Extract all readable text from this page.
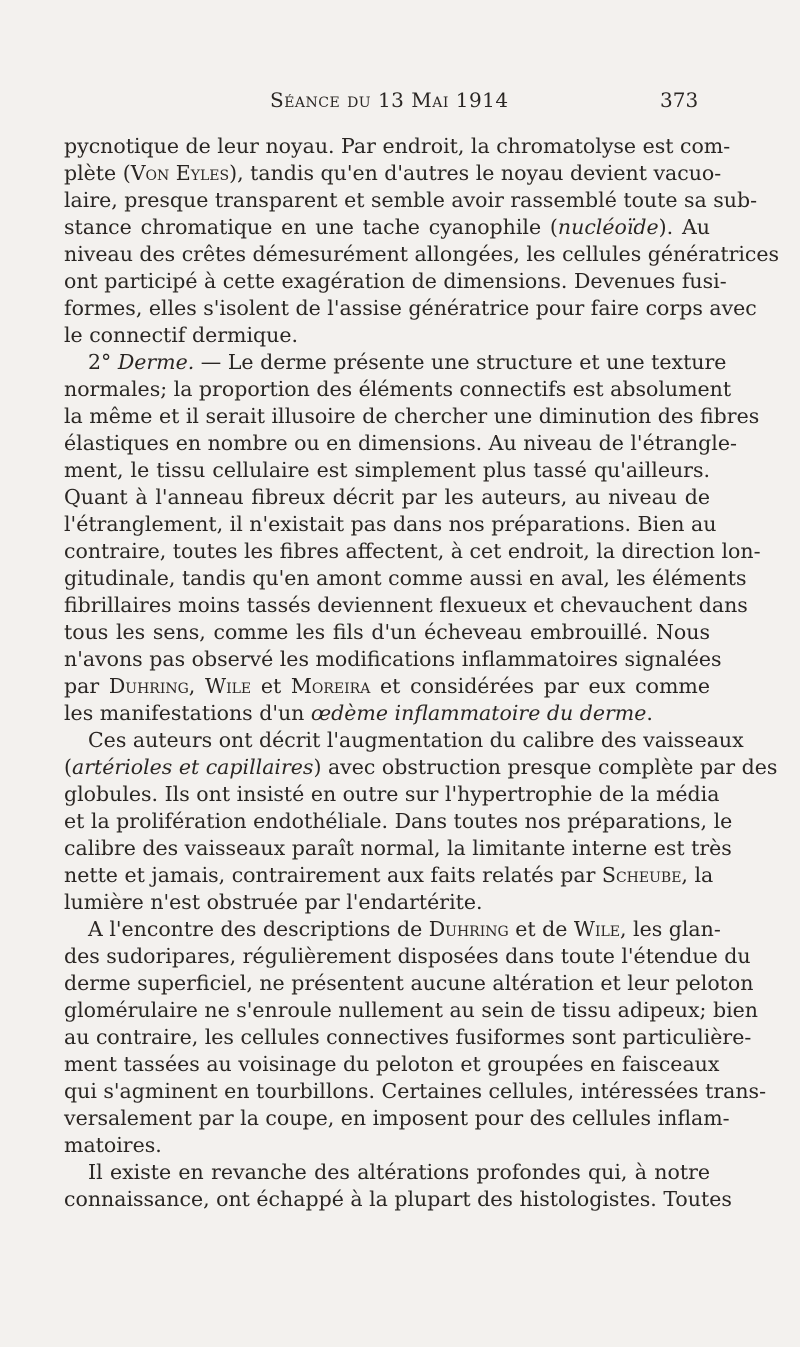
Séance du 13 Mai 1914	373
pycnotique de leur noyau. Par endroit, la chromatolyse est com-
plète (Von Eyles), tandis qu'en d'autres le noyau devient vacuo-
laire, presque transparent et semble avoir rassemblé toute sa sub-
stance chromatique en une tache cyanophile (nucléoïde). Au
niveau des crêtes démesurément allongées, les cellules génératrices
ont participé à cette exagération de dimensions. Devenues fusi-
formes, elles s'isolent de l'assise génératrice pour faire corps avec
le connectif dermique.
2° Derme. — Le derme présente une structure et une texture
normales; la proportion des éléments connectifs est absolument
la même et il serait illusoire de chercher une diminution des fibres
élastiques en nombre ou en dimensions. Au niveau de l'étrangle-
ment, le tissu cellulaire est simplement plus tassé qu'ailleurs.
Quant à l'anneau fibreux décrit par les auteurs, au niveau de
l'étranglement, il n'existait pas dans nos préparations. Bien au
contraire, toutes les fibres affectent, à cet endroit, la direction lon-
gitudinale, tandis qu'en amont comme aussi en aval, les éléments
fibrillaires moins tassés deviennent flexueux et chevauchent dans
tous les sens, comme les fils d'un écheveau embrouillé. Nous
n'avons pas observé les modifications inflammatoires signalées
par Duhring, Wile et Moreira et considérées par eux comme
les manifestations d'un œdème inflammatoire du derme.
Ces auteurs ont décrit l'augmentation du calibre des vaisseaux
(artérioles et capillaires) avec obstruction presque complète par des
globules. Ils ont insisté en outre sur l'hypertrophie de la média
et la prolifération endothéliale. Dans toutes nos préparations, le
calibre des vaisseaux paraît normal, la limitante interne est très
nette et jamais, contrairement aux faits relatés par Scheube, la
lumière n'est obstruée par l'endartérite.
A l'encontre des descriptions de Duhring et de Wile, les glan-
des sudoripares, régulièrement disposées dans toute l'étendue du
derme superficiel, ne présentent aucune altération et leur peloton
glomérulaire ne s'enroule nullement au sein de tissu adipeux; bien
au contraire, les cellules connectives fusiformes sont particulière-
ment tassées au voisinage du peloton et groupées en faisceaux
qui s'agminent en tourbillons. Certaines cellules, intéressées trans-
versalement par la coupe, en imposent pour des cellules inflam-
matoires.
Il existe en revanche des altérations profondes qui, à notre
connaissance, ont échappé à la plupart des histologistes. Toutes
